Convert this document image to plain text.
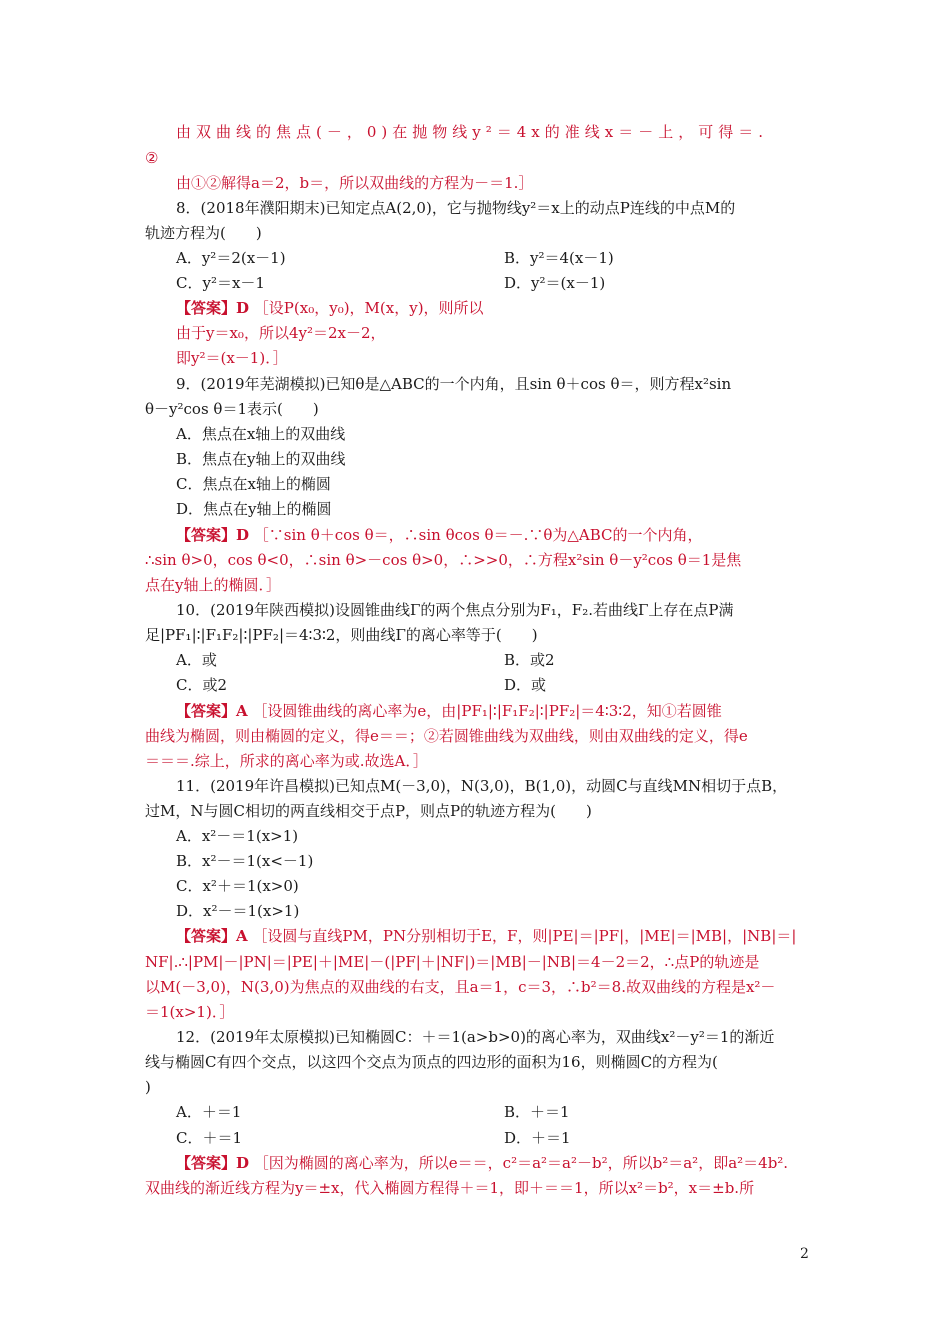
由双曲线的焦点(－，0)在抛物线y²＝4x的准线x＝－上，可得＝.
②
由①②解得a＝2，b＝，所以双曲线的方程为－＝1.］
8．(2018年濮阳期末)已知定点A(2,0)，它与抛物线y²＝x上的动点P连线的中点M的
轨迹方程为(　　)
A．y²＝2(x－1)	B．y²＝4(x－1)
C．y²＝x－1	D．y²＝(x－1)
【答案】D ［设P(x₀，y₀)，M(x，y)，则所以
由于y＝x₀，所以4y²＝2x－2，
即y²＝(x－1)．］
9．(2019年芜湖模拟)已知θ是△ABC的一个内角，且sin θ＋cos θ＝，则方程x²sin
θ－y²cos θ＝1表示(　　)
A．焦点在x轴上的双曲线
B．焦点在y轴上的双曲线
C．焦点在x轴上的椭圆
D．焦点在y轴上的椭圆
【答案】D ［∵sin θ＋cos θ＝，∴sin θcos θ＝－.∵θ为△ABC的一个内角，
∴sin θ>0，cos θ<0，∴sin θ>－cos θ>0，∴>>0，∴方程x²sin θ－y²cos θ＝1是焦
点在y轴上的椭圆．］
10．(2019年陕西模拟)设圆锥曲线Γ的两个焦点分别为F₁，F₂.若曲线Γ上存在点P满
足|PF₁|∶|F₁F₂|∶|PF₂|＝4∶3∶2，则曲线Γ的离心率等于(　　)
A．或	B．或2
C．或2	D．或
【答案】A ［设圆锥曲线的离心率为e，由|PF₁|∶|F₁F₂|∶|PF₂|＝4∶3∶2，知①若圆锥
曲线为椭圆，则由椭圆的定义，得e＝＝；②若圆锥曲线为双曲线，则由双曲线的定义，得e
＝＝＝.综上，所求的离心率为或.故选A．］
11．(2019年许昌模拟)已知点M(－3,0)，N(3,0)，B(1,0)，动圆C与直线MN相切于点B，
过M，N与圆C相切的两直线相交于点P，则点P的轨迹方程为(　　)
A．x²－＝1(x>1)
B．x²－＝1(x<－1)
C．x²＋＝1(x>0)
D．x²－＝1(x>1)
【答案】A ［设圆与直线PM，PN分别相切于E，F，则|PE|＝|PF|，|ME|＝|MB|，|NB|＝|
NF|.∴|PM|－|PN|＝|PE|＋|ME|－(|PF|＋|NF|)＝|MB|－|NB|＝4－2＝2，∴点P的轨迹是
以M(－3,0)，N(3,0)为焦点的双曲线的右支，且a＝1，c＝3，∴b²＝8.故双曲线的方程是x²－
＝1(x>1)．］
12．(2019年太原模拟)已知椭圆C：＋＝1(a>b>0)的离心率为，双曲线x²－y²＝1的渐近
线与椭圆C有四个交点，以这四个交点为顶点的四边形的面积为16，则椭圆C的方程为(
)
A．＋＝1	B．＋＝1
C．＋＝1	D．＋＝1
【答案】D ［因为椭圆的离心率为，所以e＝＝，c²＝a²＝a²－b²，所以b²＝a²，即a²＝4b².
双曲线的渐近线方程为y＝±x，代入椭圆方程得＋＝1，即＋＝＝1，所以x²＝b²，x＝±b.所
2
